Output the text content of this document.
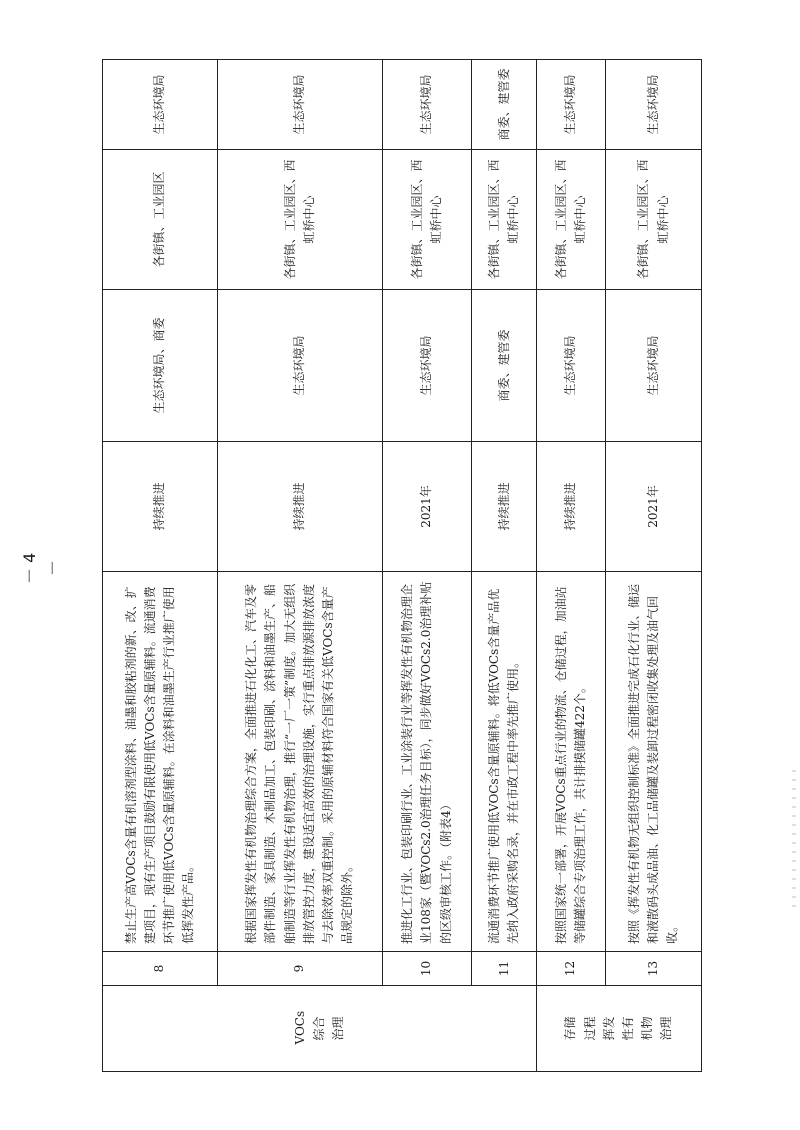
VOCs 综合 治理	8	禁止生产高VOCs含量有机溶剂型涂料、油墨和胶粘剂的新、改、扩建项目，现有生产项目鼓励有限使用低VOCs含量原辅料。流通消费环节推广使用低VOCs含量原辅料。在涂料和油墨生产行业推广使用低挥发性产品。	持续推进	生态环境局、商委	各街镇、工业园区	生态环境局
	9	根据国家挥发性有机物治理综合方案，全面推进石化化工、汽车及零部件制造、家具制造、木制品加工、包装印刷、涂料和油墨生产、船舶制造等行业挥发性有机物治理，推行“一厂一策”制度。加大无组织排放管控力度，建设适宜高效的治理设施，实行重点排放源排放浓度与去除效率双重控制。采用的原辅材料符合国家有关低VOCs含量产品规定的除外。	持续推进	生态环境局	各街镇、工业园区、西虹桥中心	生态环境局
	10	推进化工行业、包装印刷行业、工业涂装行业等挥发性有机物治理企业108家（暨VOCs2.0治理任务目标），同步做好VOCs2.0治理补贴的区级审核工作。（附表4）	2021年	生态环境局	各街镇、工业园区、西虹桥中心	生态环境局
	11	流通消费环节推广使用低VOCs含量原辅料。将低VOCs含量产品优先纳入政府采购名录，并在市政工程中率先推广使用。	持续推进	商委、建管委	各街镇、工业园区、西虹桥中心	商委、建管委
存储 过程 挥发 性有 机物 治理	12	按照国家统一部署，开展VOCs重点行业的物流、仓储过程，加油站等储罐综合专项治理工作，共计排摸储罐422个。	持续推进	生态环境局	各街镇、工业园区、西虹桥中心	生态环境局
	13	按照《挥发性有机物无组织控制标准》全面推进完成石化行业、储运和液散码头成品油、化工品储罐及装卸过程密闭收集处理及油气回收。	2021年	生态环境局	各街镇、工业园区、西虹桥中心	生态环境局
－ 4 －
